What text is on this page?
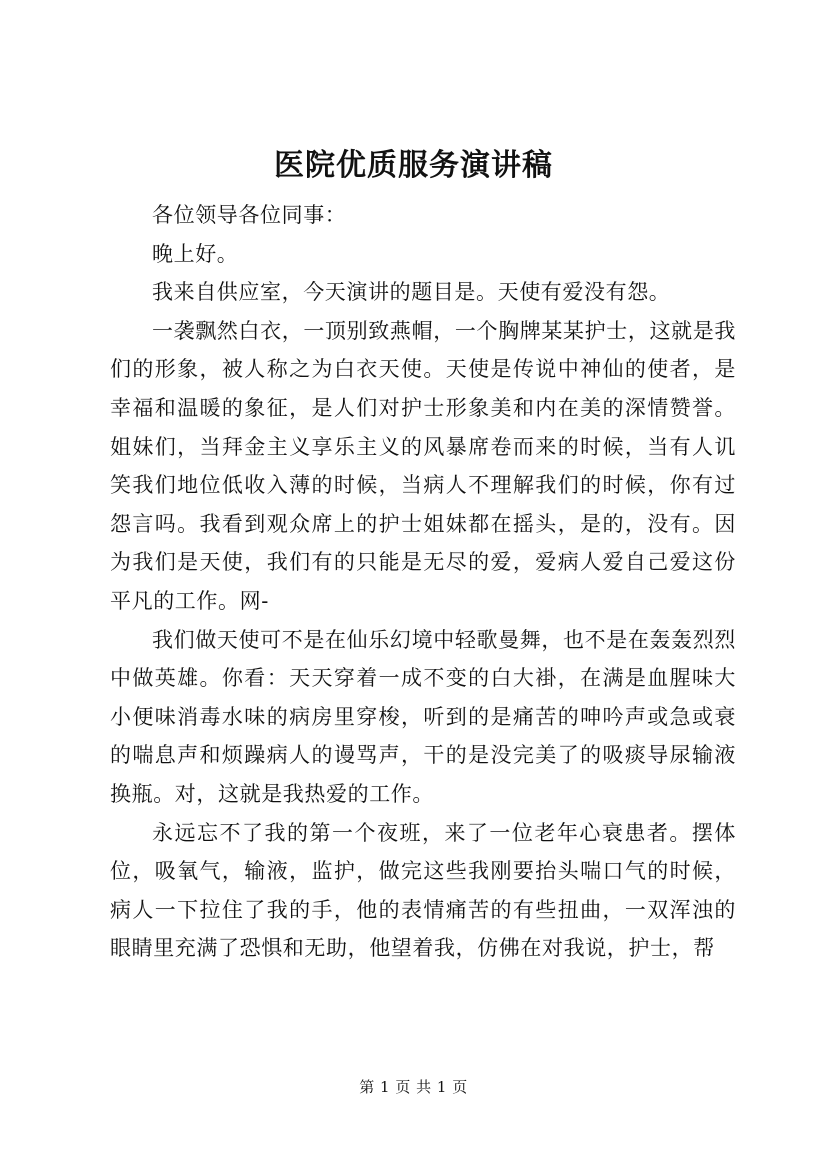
医院优质服务演讲稿

各位领导各位同事：

晚上好。

我来自供应室，今天演讲的题目是。天使有爱没有怨。

一袭飘然白衣，一顶别致燕帽，一个胸牌某某护士，这就是我们的形象，被人称之为白衣天使。天使是传说中神仙的使者，是幸福和温暖的象征，是人们对护士形象美和内在美的深情赞誉。姐妹们，当拜金主义享乐主义的风暴席卷而来的时候，当有人讥笑我们地位低收入薄的时候，当病人不理解我们的时候，你有过怨言吗。我看到观众席上的护士姐妹都在摇头，是的，没有。因为我们是天使，我们有的只能是无尽的爱，爱病人爱自己爱这份平凡的工作。网-

我们做天使可不是在仙乐幻境中轻歌曼舞，也不是在轰轰烈烈中做英雄。你看：天天穿着一成不变的白大褂，在满是血腥味大小便味消毒水味的病房里穿梭，听到的是痛苦的呻吟声或急或衰的喘息声和烦躁病人的谩骂声，干的是没完美了的吸痰导尿输液换瓶。对，这就是我热爱的工作。

永远忘不了我的第一个夜班，来了一位老年心衰患者。摆体位，吸氧气，输液，监护，做完这些我刚要抬头喘口气的时候，病人一下拉住了我的手，他的表情痛苦的有些扭曲，一双浑浊的眼睛里充满了恐惧和无助，他望着我，仿佛在对我说，护士，帮

第 1 页 共 1 页
